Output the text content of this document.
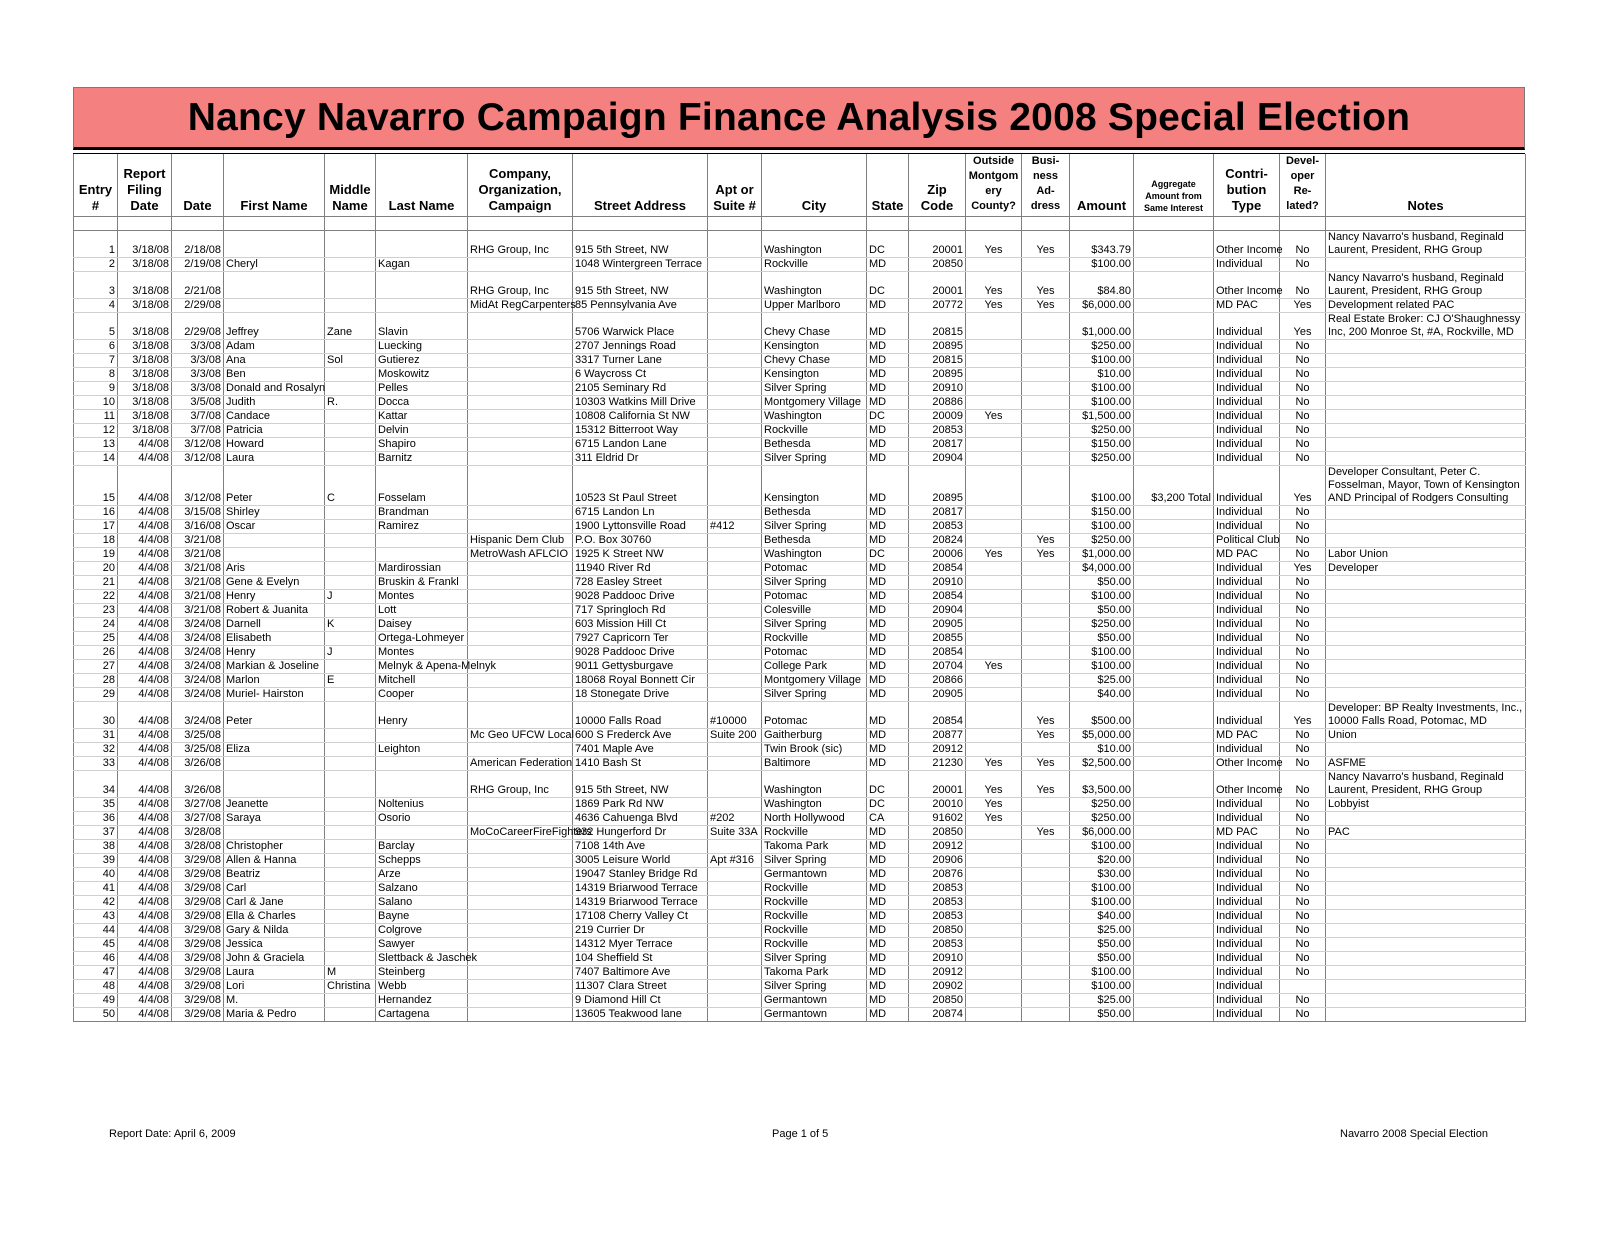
Nancy Navarro Campaign Finance Analysis 2008 Special Election
Entry #	Report Filing Date	Date	First Name	Middle Name	Last Name	Company, Organization, Campaign	Street Address	Apt or Suite #	City	State	Zip Code	Outside Montgom ery County?	Busi-ness Ad-dress	Amount	Aggregate Amount from Same Interest	Contri-bution Type	Devel-oper Re-lated?	Notes

1	3/18/08	2/18/08				RHG Group, Inc	915 5th Street, NW		Washington	DC	20001	Yes	Yes	$343.79		Other Income	No	Nancy Navarro's husband, Reginald Laurent, President, RHG Group
2	3/18/08	2/19/08	Cheryl		Kagan		1048 Wintergreen Terrace		Rockville	MD	20850			$100.00		Individual	No	
3	3/18/08	2/21/08				RHG Group, Inc	915 5th Street, NW		Washington	DC	20001	Yes	Yes	$84.80		Other Income	No	Nancy Navarro's husband, Reginald Laurent, President, RHG Group
4	3/18/08	2/29/08				MidAt RegCarpenters	85 Pennsylvania Ave		Upper Marlboro	MD	20772	Yes	Yes	$6,000.00		MD PAC	Yes	Development related PAC
5	3/18/08	2/29/08	Jeffrey	Zane	Slavin		5706 Warwick Place		Chevy Chase	MD	20815			$1,000.00		Individual	Yes	Real Estate Broker: CJ O'Shaughnessy Inc, 200 Monroe St, #A, Rockville, MD
6	3/18/08	3/3/08	Adam		Luecking		2707 Jennings Road		Kensington	MD	20895			$250.00		Individual	No	
7	3/18/08	3/3/08	Ana	Sol	Gutierez		3317 Turner Lane		Chevy Chase	MD	20815			$100.00		Individual	No	
8	3/18/08	3/3/08	Ben		Moskowitz		6 Waycross Ct		Kensington	MD	20895			$10.00		Individual	No	
9	3/18/08	3/3/08	Donald and Rosalyn		Pelles		2105 Seminary Rd		Silver Spring	MD	20910			$100.00		Individual	No	
10	3/18/08	3/5/08	Judith	R.	Docca		10303 Watkins Mill Drive		Montgomery Village	MD	20886			$100.00		Individual	No	
11	3/18/08	3/7/08	Candace		Kattar		10808 California St NW		Washington	DC	20009	Yes		$1,500.00		Individual	No	
12	3/18/08	3/7/08	Patricia		Delvin		15312 Bitterroot Way		Rockville	MD	20853			$250.00		Individual	No	
13	4/4/08	3/12/08	Howard		Shapiro		6715 Landon Lane		Bethesda	MD	20817			$150.00		Individual	No	
14	4/4/08	3/12/08	Laura		Barnitz		311 Eldrid Dr		Silver Spring	MD	20904			$250.00		Individual	No	
15	4/4/08	3/12/08	Peter	C	Fosselam		10523 St Paul Street		Kensington	MD	20895			$100.00	$3,200 Total	Individual	Yes	Developer Consultant, Peter C. Fosselman, Mayor, Town of Kensington AND Principal of Rodgers Consulting
16	4/4/08	3/15/08	Shirley		Brandman		6715 Landon Ln		Bethesda	MD	20817			$150.00		Individual	No	
17	4/4/08	3/16/08	Oscar		Ramirez		1900 Lyttonsville Road	#412	Silver Spring	MD	20853			$100.00		Individual	No	
18	4/4/08	3/21/08				Hispanic Dem Club	P.O. Box 30760		Bethesda	MD	20824		Yes	$250.00		Political Club	No	
19	4/4/08	3/21/08				MetroWash AFLCIO	1925 K Street NW		Washington	DC	20006	Yes	Yes	$1,000.00		MD PAC	No	Labor Union
20	4/4/08	3/21/08	Aris		Mardirossian		11940 River Rd		Potomac	MD	20854			$4,000.00		Individual	Yes	Developer
21	4/4/08	3/21/08	Gene & Evelyn		Bruskin & Frankl		728 Easley Street		Silver Spring	MD	20910			$50.00		Individual	No	
22	4/4/08	3/21/08	Henry	J	Montes		9028 Paddooc Drive		Potomac	MD	20854			$100.00		Individual	No	
23	4/4/08	3/21/08	Robert & Juanita		Lott		717 Springloch Rd		Colesville	MD	20904			$50.00		Individual	No	
24	4/4/08	3/24/08	Darnell	K	Daisey		603 Mission Hill Ct		Silver Spring	MD	20905			$250.00		Individual	No	
25	4/4/08	3/24/08	Elisabeth		Ortega-Lohmeyer		7927 Capricorn Ter		Rockville	MD	20855			$50.00		Individual	No	
26	4/4/08	3/24/08	Henry	J	Montes		9028 Paddooc Drive		Potomac	MD	20854			$100.00		Individual	No	
27	4/4/08	3/24/08	Markian & Joseline		Melnyk & Apena-Melnyk		9011 Gettysburgave		College Park	MD	20704	Yes		$100.00		Individual	No	
28	4/4/08	3/24/08	Marlon	E	Mitchell		18068 Royal Bonnett Cir		Montgomery Village	MD	20866			$25.00		Individual	No	
29	4/4/08	3/24/08	Muriel- Hairston		Cooper		18 Stonegate Drive		Silver Spring	MD	20905			$40.00		Individual	No	
30	4/4/08	3/24/08	Peter		Henry		10000 Falls Road	#10000	Potomac	MD	20854		Yes	$500.00		Individual	Yes	Developer: BP Realty Investments, Inc., 10000 Falls Road, Potomac, MD
31	4/4/08	3/25/08				Mc Geo UFCW Local	600 S Frederck Ave	Suite 200	Gaitherburg	MD	20877		Yes	$5,000.00		MD PAC	No	Union
32	4/4/08	3/25/08	Eliza		Leighton		7401 Maple Ave		Twin Brook (sic)	MD	20912			$10.00		Individual	No	
33	4/4/08	3/26/08				American Federation	1410 Bash St		Baltimore	MD	21230	Yes	Yes	$2,500.00		Other Income	No	ASFME
34	4/4/08	3/26/08				RHG Group, Inc	915 5th Street, NW		Washington	DC	20001	Yes	Yes	$3,500.00		Other Income	No	Nancy Navarro's husband, Reginald Laurent, President, RHG Group
35	4/4/08	3/27/08	Jeanette		Noltenius		1869 Park Rd NW		Washington	DC	20010	Yes		$250.00		Individual	No	Lobbyist
36	4/4/08	3/27/08	Saraya		Osorio		4636 Cahuenga Blvd	#202	North Hollywood	CA	91602	Yes		$250.00		Individual	No	
37	4/4/08	3/28/08				MoCoCareerFireFighters	932 Hungerford Dr	Suite 33A	Rockville	MD	20850		Yes	$6,000.00		MD PAC	No	PAC
38	4/4/08	3/28/08	Christopher		Barclay		7108 14th Ave		Takoma Park	MD	20912			$100.00		Individual	No	
39	4/4/08	3/29/08	Allen & Hanna		Schepps		3005 Leisure World	Apt #316	Silver Spring	MD	20906			$20.00		Individual	No	
40	4/4/08	3/29/08	Beatriz		Arze		19047 Stanley Bridge Rd		Germantown	MD	20876			$30.00		Individual	No	
41	4/4/08	3/29/08	Carl		Salzano		14319 Briarwood Terrace		Rockville	MD	20853			$100.00		Individual	No	
42	4/4/08	3/29/08	Carl & Jane		Salano		14319 Briarwood Terrace		Rockville	MD	20853			$100.00		Individual	No	
43	4/4/08	3/29/08	Ella & Charles		Bayne		17108 Cherry Valley Ct		Rockville	MD	20853			$40.00		Individual	No	
44	4/4/08	3/29/08	Gary & Nilda		Colgrove		219 Currier Dr		Rockville	MD	20850			$25.00		Individual	No	
45	4/4/08	3/29/08	Jessica		Sawyer		14312 Myer Terrace		Rockville	MD	20853			$50.00		Individual	No	
46	4/4/08	3/29/08	John & Graciela		Slettback & Jaschek		104 Sheffield St		Silver Spring	MD	20910			$50.00		Individual	No	
47	4/4/08	3/29/08	Laura	M	Steinberg		7407 Baltimore Ave		Takoma Park	MD	20912			$100.00		Individual	No	
48	4/4/08	3/29/08	Lori	Christina	Webb		11307 Clara Street		Silver Spring	MD	20902			$100.00		Individual		
49	4/4/08	3/29/08	M.		Hernandez		9 Diamond Hill Ct		Germantown	MD	20850			$25.00		Individual	No	
50	4/4/08	3/29/08	Maria & Pedro		Cartagena		13605 Teakwood lane		Germantown	MD	20874			$50.00		Individual	No	
Report Date: April 6, 2009	Page 1 of 5	Navarro 2008 Special Election
